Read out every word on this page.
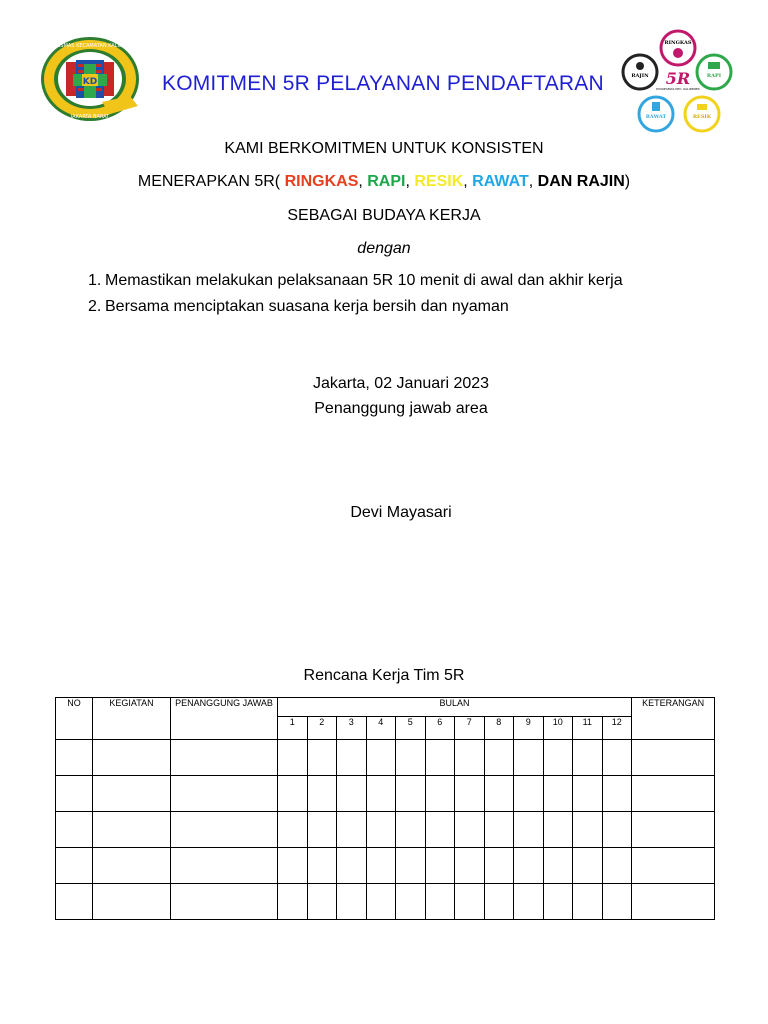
KD
PUSKESMAS KECAMATAN KALIDERES
JAKARTA BARAT
KOMITMEN 5R PELAYANAN PENDAFTARAN
RINGKAS
RAPI
RESIK
RAWAT
RAJIN 5R
PUSKESMAS KEC. KALIDERES
KAMI BERKOMITMEN UNTUK KONSISTEN
MENERAPKAN 5R( RINGKAS, RAPI, RESIK, RAWAT, DAN RAJIN)
SEBAGAI BUDAYA KERJA
dengan
1. Memastikan melakukan pelaksanaan 5R 10 menit di awal dan akhir kerja
2. Bersama menciptakan suasana kerja bersih dan nyaman
Jakarta, 02 Januari 2023
Penanggung jawab area
Devi Mayasari
Rencana Kerja Tim 5R
NO	KEGIATAN	PENANGGUNG JAWAB	BULAN												KETERANGAN
			1	2	3	4	5	6	7	8	9	10	11	12	
